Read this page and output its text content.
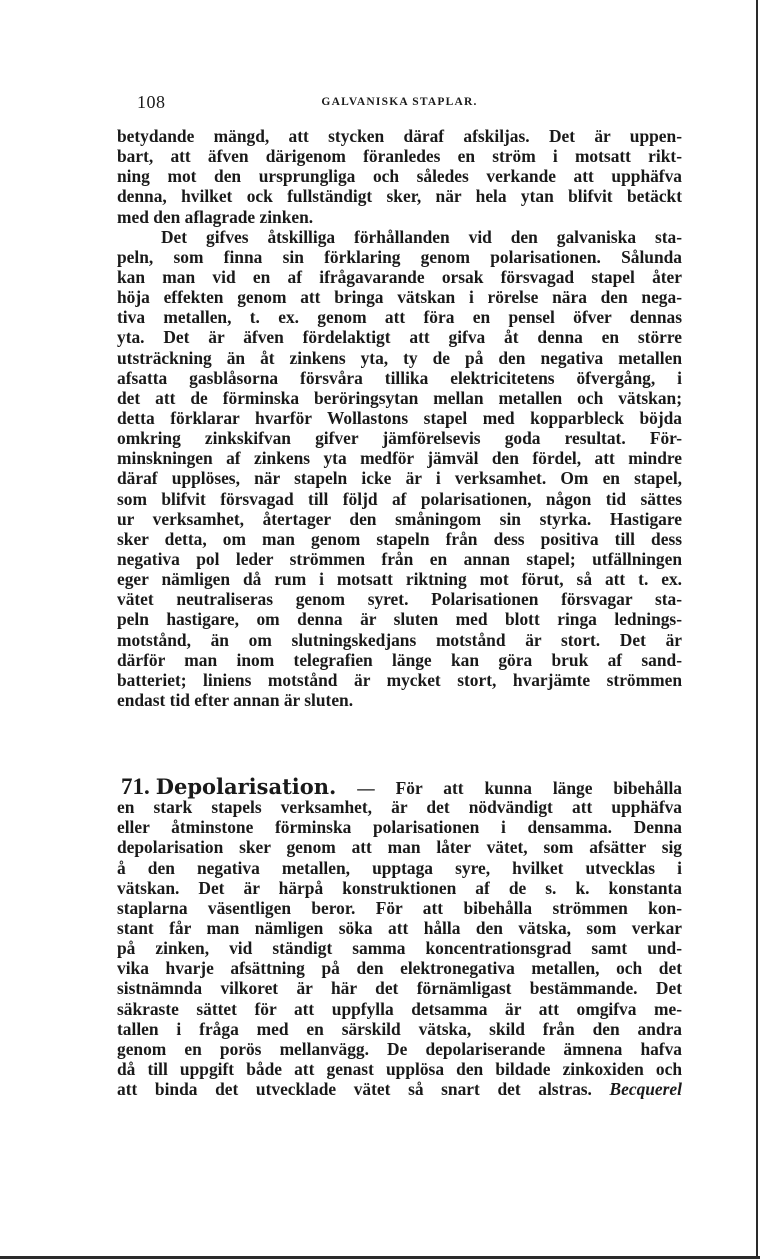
108	GALVANISKA STAPLAR.
betydande mängd, att stycken däraf afskiljas. Det är uppen-
bart, att äfven därigenom föranledes en ström i motsatt rikt-
ning mot den ursprungliga och således verkande att upphäfva
denna, hvilket ock fullständigt sker, när hela ytan blifvit betäckt
med den aflagrade zinken.
Det gifves åtskilliga förhållanden vid den galvaniska sta-
peln, som finna sin förklaring genom polarisationen. Sålunda
kan man vid en af ifrågavarande orsak försvagad stapel åter
höja effekten genom att bringa vätskan i rörelse nära den nega-
tiva metallen, t. ex. genom att föra en pensel öfver dennas
yta. Det är äfven fördelaktigt att gifva åt denna en större
utsträckning än åt zinkens yta, ty de på den negativa metallen
afsatta gasblåsorna försvåra tillika elektricitetens öfvergång, i
det att de förminska beröringsytan mellan metallen och vätskan;
detta förklarar hvarför Wollastons stapel med kopparbleck böjda
omkring zinkskifvan gifver jämförelsevis goda resultat. För-
minskningen af zinkens yta medför jämväl den fördel, att mindre
däraf upplöses, när stapeln icke är i verksamhet. Om en stapel,
som blifvit försvagad till följd af polarisationen, någon tid sättes
ur verksamhet, återtager den småningom sin styrka. Hastigare
sker detta, om man genom stapeln från dess positiva till dess
negativa pol leder strömmen från en annan stapel; utfällningen
eger nämligen då rum i motsatt riktning mot förut, så att t. ex.
vätet neutraliseras genom syret. Polarisationen försvagar sta-
peln hastigare, om denna är sluten med blott ringa lednings-
motstånd, än om slutningskedjans motstånd är stort. Det är
därför man inom telegrafien länge kan göra bruk af sand-
batteriet; liniens motstånd är mycket stort, hvarjämte strömmen
endast tid efter annan är sluten.
71. Depolarisation. — För att kunna länge bibehålla
en stark stapels verksamhet, är det nödvändigt att upphäfva
eller åtminstone förminska polarisationen i densamma. Denna
depolarisation sker genom att man låter vätet, som afsätter sig
å den negativa metallen, upptaga syre, hvilket utvecklas i
vätskan. Det är härpå konstruktionen af de s. k. konstanta
staplarna väsentligen beror. För att bibehålla strömmen kon-
stant får man nämligen söka att hålla den vätska, som verkar
på zinken, vid ständigt samma koncentrationsgrad samt und-
vika hvarje afsättning på den elektronegativa metallen, och det
sistnämnda vilkoret är här det förnämligast bestämmande. Det
säkraste sättet för att uppfylla detsamma är att omgifva me-
tallen i fråga med en särskild vätska, skild från den andra
genom en porös mellanvägg. De depolariserande ämnena hafva
då till uppgift både att genast upplösa den bildade zinkoxiden och
att binda det utvecklade vätet så snart det alstras. Becquerel
